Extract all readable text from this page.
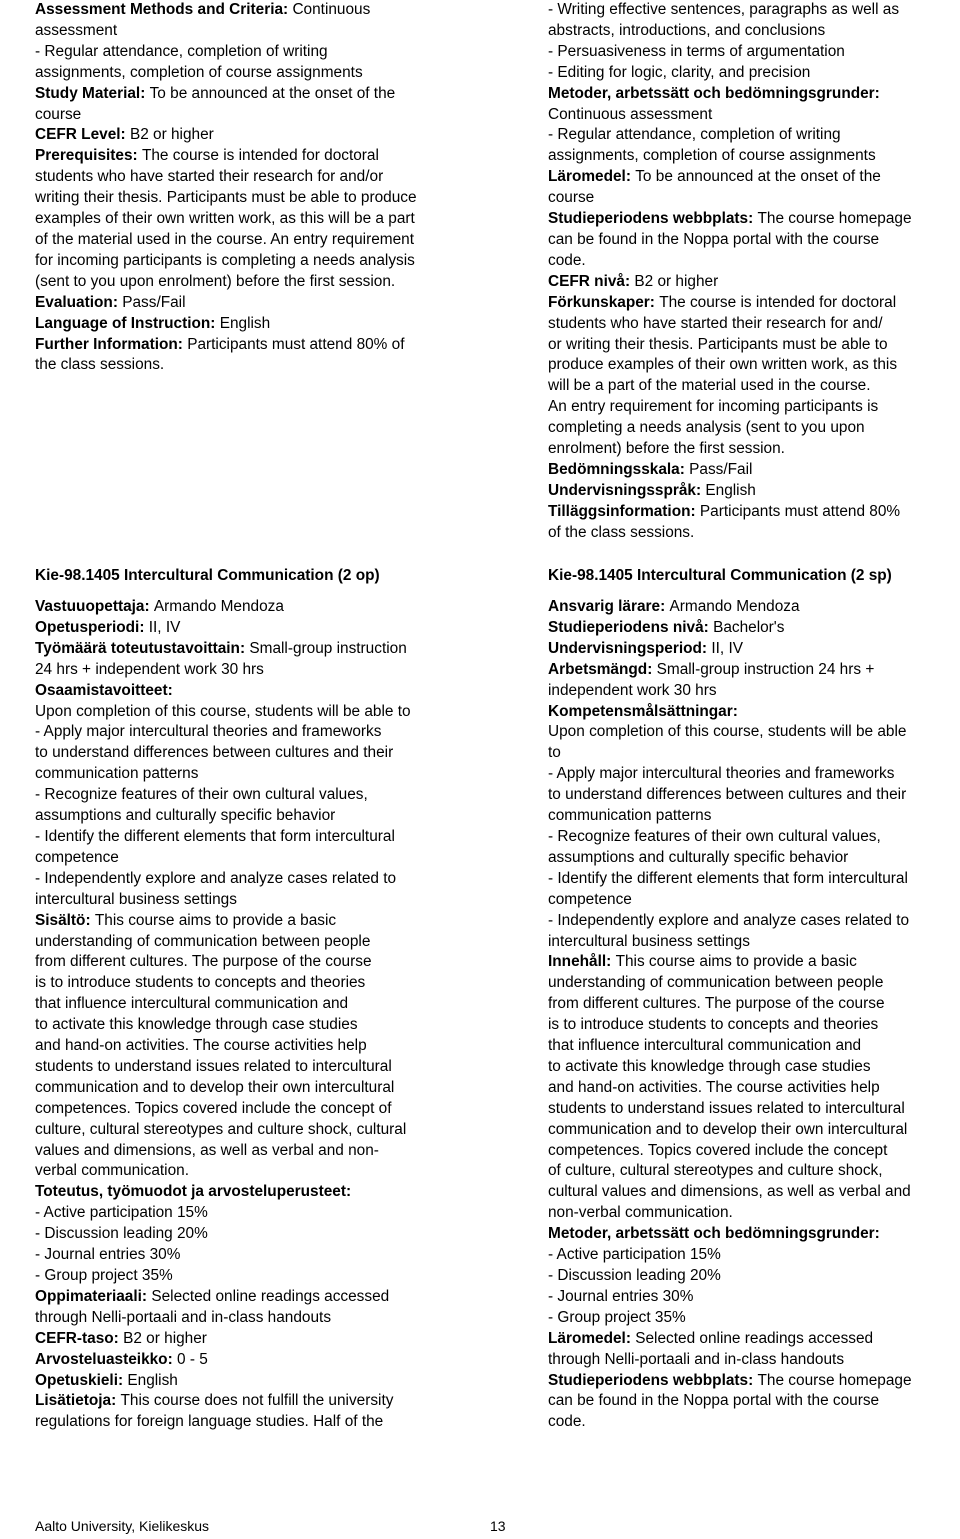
Assessment Methods and Criteria: Continuous

assessment

- Regular attendance, completion of writing

assignments, completion of course assignments

Study Material: To be announced at the onset of the

course

CEFR Level: B2 or higher

Prerequisites: The course is intended for doctoral

students who have started their research for and/or

writing their thesis. Participants must be able to produce

examples of their own written work, as this will be a part

of the material used in the course. An entry requirement

for incoming participants is completing a needs analysis

(sent to you upon enrolment) before the first session.

Evaluation: Pass/Fail

Language of Instruction: English

Further Information: Participants must attend 80% of

the class sessions.

- Writing effective sentences, paragraphs as well as

abstracts, introductions, and conclusions

- Persuasiveness in terms of argumentation

- Editing for logic, clarity, and precision

Metoder, arbetssätt och bedömningsgrunder:

Continuous assessment

- Regular attendance, completion of writing

assignments, completion of course assignments

Läromedel: To be announced at the onset of the

course

Studieperiodens webbplats: The course homepage

can be found in the Noppa portal with the course

code.

CEFR nivå: B2 or higher

Förkunskaper: The course is intended for doctoral

students who have started their research for and/

or writing their thesis. Participants must be able to

produce examples of their own written work, as this

will be a part of the material used in the course.

An entry requirement for incoming participants is

completing a needs analysis (sent to you upon

enrolment) before the first session.

Bedömningsskala: Pass/Fail

Undervisningsspråk: English

Tilläggsinformation: Participants must attend 80%

of the class sessions.

Kie-98.1405 Intercultural Communication (2 op)	Kie-98.1405 Intercultural Communication (2 sp)

Vastuuopettaja: Armando Mendoza

Opetusperiodi: II, IV

Työmäärä toteutustavoittain: Small-group instruction

24 hrs + independent work 30 hrs

Osaamistavoitteet:

Upon completion of this course, students will be able to

- Apply major intercultural theories and frameworks

to understand differences between cultures and their

communication patterns

- Recognize features of their own cultural values,

assumptions and culturally specific behavior

- Identify the different elements that form intercultural

competence

- Independently explore and analyze cases related to

intercultural business settings

Sisältö: This course aims to provide a basic

understanding of communication between people

from different cultures. The purpose of the course

is to introduce students to concepts and theories

that influence intercultural communication and

to activate this knowledge through case studies

and hand-on activities. The course activities help

students to understand issues related to intercultural

communication and to develop their own intercultural

competences. Topics covered include the concept of

culture, cultural stereotypes and culture shock, cultural

values and dimensions, as well as verbal and non-

verbal communication.

Toteutus, työmuodot ja arvosteluperusteet:

- Active participation 15%

- Discussion leading 20%

- Journal entries 30%

- Group project 35%

Oppimateriaali: Selected online readings accessed

through Nelli-portaali and in-class handouts

CEFR-taso: B2 or higher

Arvosteluasteikko: 0 - 5

Opetuskieli: English

Lisätietoja: This course does not fulfill the university

regulations for foreign language studies. Half of the

Ansvarig lärare: Armando Mendoza

Studieperiodens nivå: Bachelor's

Undervisningsperiod: II, IV

Arbetsmängd: Small-group instruction 24 hrs +

independent work 30 hrs

Kompetensmålsättningar:

Upon completion of this course, students will be able

to

- Apply major intercultural theories and frameworks

to understand differences between cultures and their

communication patterns

- Recognize features of their own cultural values,

assumptions and culturally specific behavior

- Identify the different elements that form intercultural

competence

- Independently explore and analyze cases related to

intercultural business settings

Innehåll: This course aims to provide a basic

understanding of communication between people

from different cultures. The purpose of the course

is to introduce students to concepts and theories

that influence intercultural communication and

to activate this knowledge through case studies

and hand-on activities. The course activities help

students to understand issues related to intercultural

communication and to develop their own intercultural

competences. Topics covered include the concept

of culture, cultural stereotypes and culture shock,

cultural values and dimensions, as well as verbal and

non-verbal communication.

Metoder, arbetssätt och bedömningsgrunder:

- Active participation 15%

- Discussion leading 20%

- Journal entries 30%

- Group project 35%

Läromedel: Selected online readings accessed

through Nelli-portaali and in-class handouts

Studieperiodens webbplats: The course homepage

can be found in the Noppa portal with the course

code.

Aalto University, Kielikeskus	13
